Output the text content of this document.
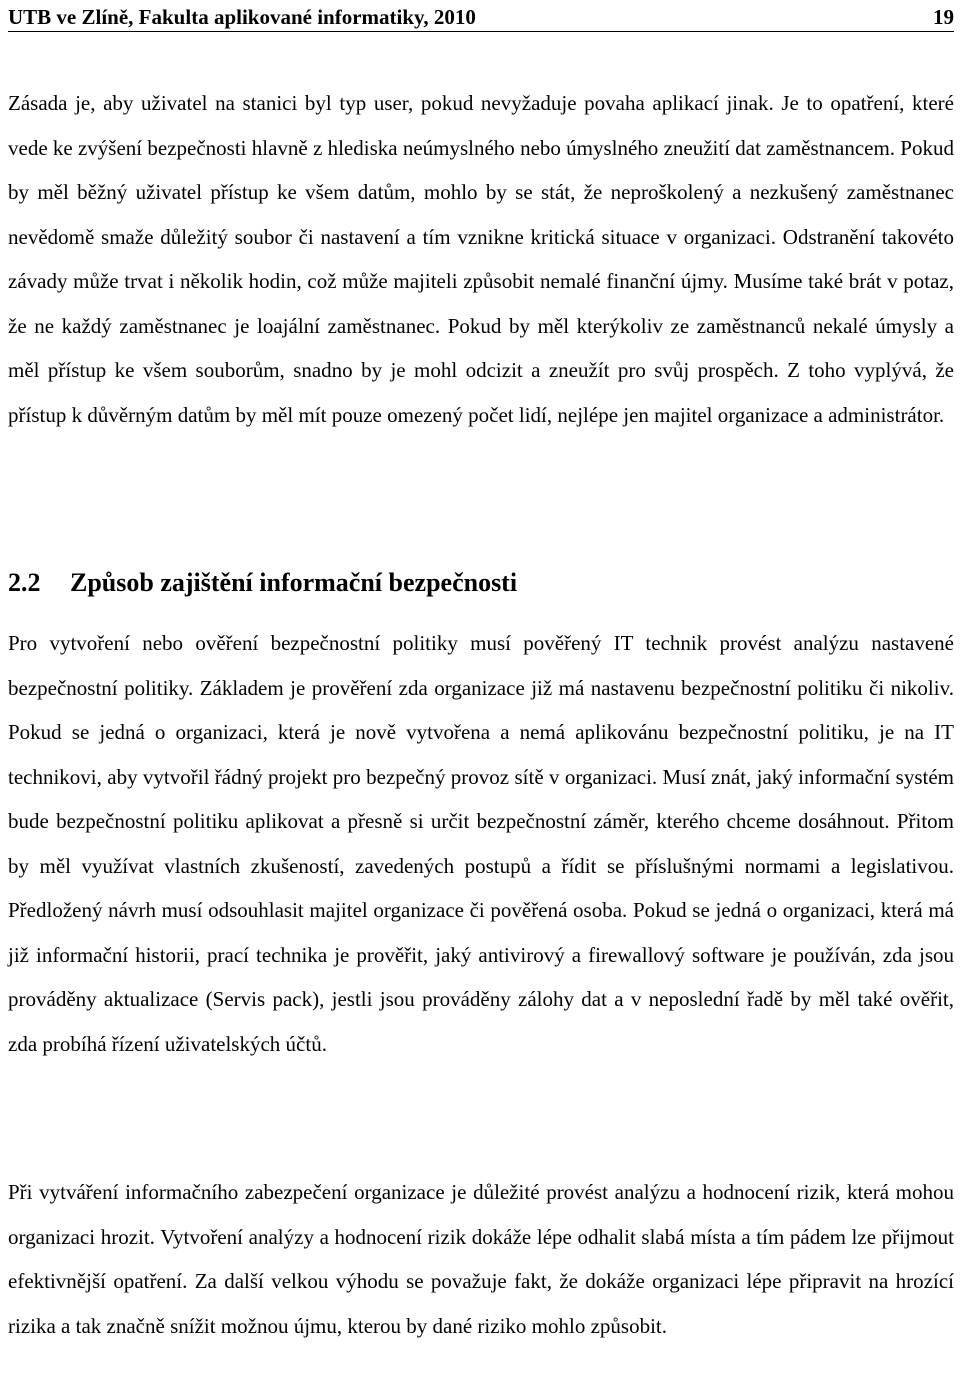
UTB ve Zlíně, Fakulta aplikované informatiky, 2010	19

Zásada je, aby uživatel na stanici byl typ user, pokud nevyžaduje povaha aplikací jinak. Je to opatření, které vede ke zvýšení bezpečnosti hlavně z hlediska neúmyslného nebo úmyslného zneužití dat zaměstnancem. Pokud by měl běžný uživatel přístup ke všem datům, mohlo by se stát, že neproškolený a nezkušený zaměstnanec nevědomě smaže důležitý soubor či nastavení a tím vznikne kritická situace v organizaci. Odstranění takovéto závady může trvat i několik hodin, což může majiteli způsobit nemalé finanční újmy. Musíme také brát v potaz, že ne každý zaměstnanec je loajální zaměstnanec. Pokud by měl kterýkoliv ze zaměstnanců nekalé úmysly a měl přístup ke všem souborům, snadno by je mohl odcizit a zneužít pro svůj prospěch. Z toho vyplývá, že přístup k důvěrným datům by měl mít pouze omezený počet lidí, nejlépe jen majitel organizace a administrátor.

2.2 Způsob zajištění informační bezpečnosti

Pro vytvoření nebo ověření bezpečnostní politiky musí pověřený IT technik provést analýzu nastavené bezpečnostní politiky. Základem je prověření zda organizace již má nastavenu bezpečnostní politiku či nikoliv. Pokud se jedná o organizaci, která je nově vytvořena a nemá aplikovánu bezpečnostní politiku, je na IT technikovi, aby vytvořil řádný projekt pro bezpečný provoz sítě v organizaci. Musí znát, jaký informační systém bude bezpečnostní politiku aplikovat a přesně si určit bezpečnostní záměr, kterého chceme dosáhnout. Přitom by měl využívat vlastních zkušeností, zavedených postupů a řídit se příslušnými normami a legislativou. Předložený návrh musí odsouhlasit majitel organizace či pověřená osoba. Pokud se jedná o organizaci, která má již informační historii, prací technika je prověřit, jaký antivirový a firewallový software je používán, zda jsou prováděny aktualizace (Servis pack), jestli jsou prováděny zálohy dat a v neposlední řadě by měl také ověřit, zda probíhá řízení uživatelských účtů.

Při vytváření informačního zabezpečení organizace je důležité provést analýzu a hodnocení rizik, která mohou organizaci hrozit. Vytvoření analýzy a hodnocení rizik dokáže lépe odhalit slabá místa a tím pádem lze přijmout efektivnější opatření. Za další velkou výhodu se považuje fakt, že dokáže organizaci lépe připravit na hrozící rizika a tak značně snížit možnou újmu, kterou by dané riziko mohlo způsobit.
